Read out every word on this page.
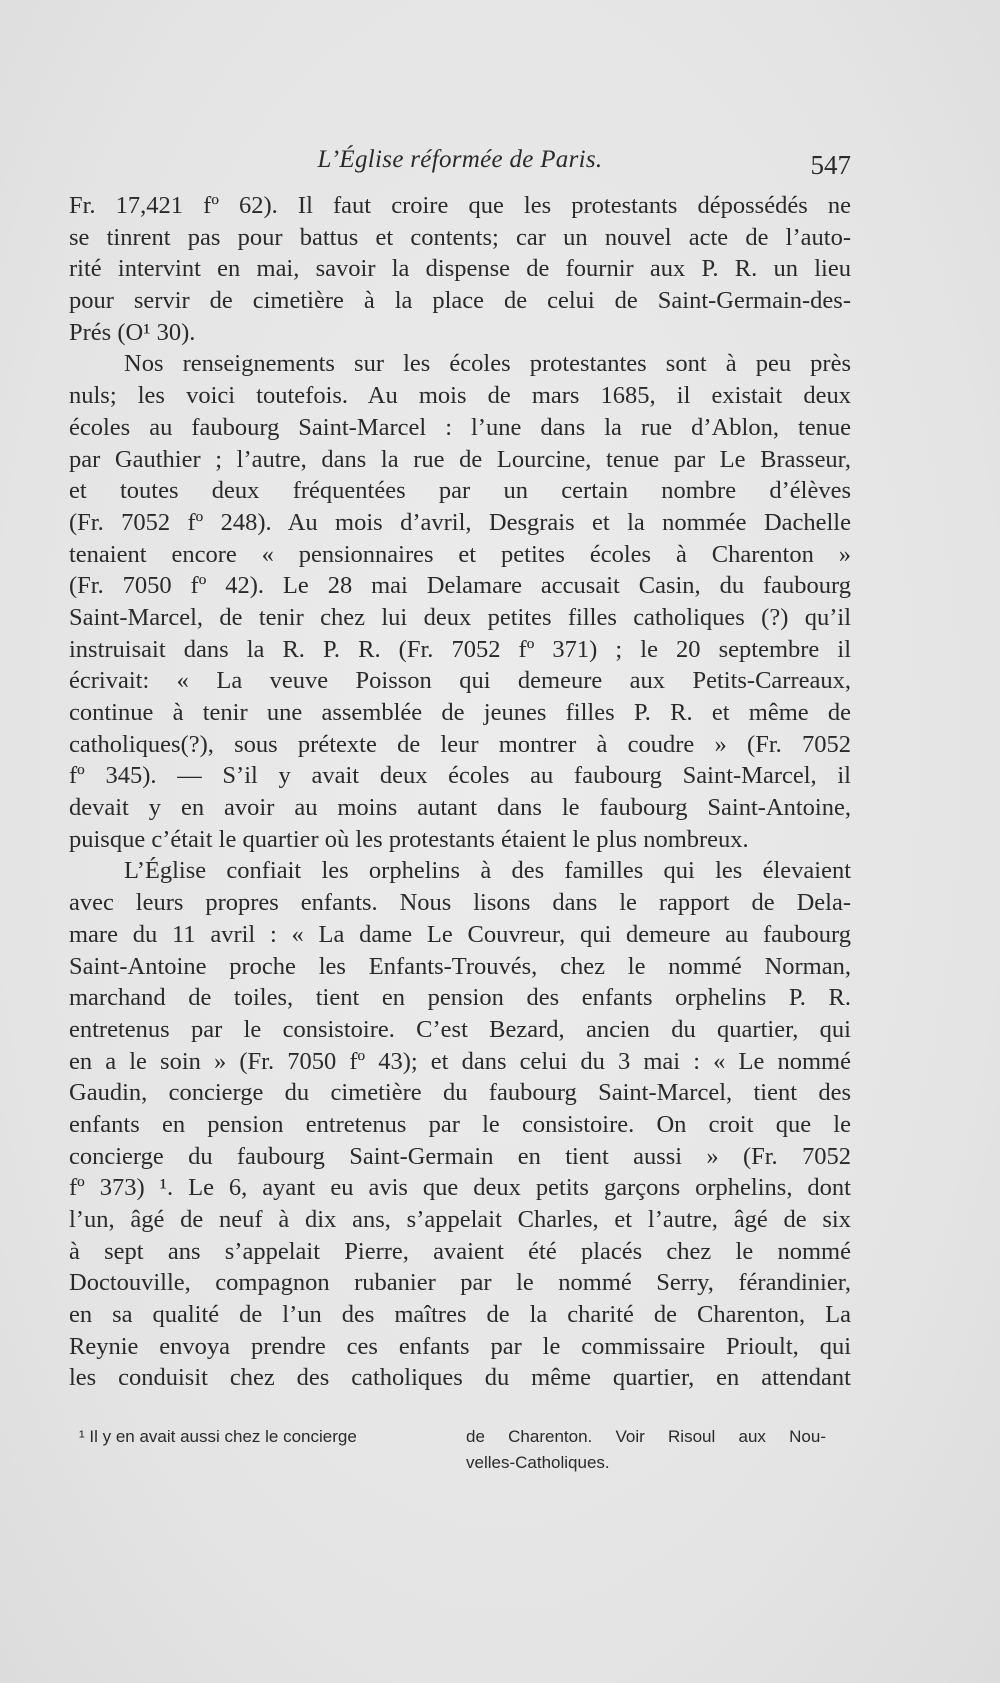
L’Église réformée de Paris.	547
Fr. 17,421 fº 62). Il faut croire que les protestants dépossédés ne
se tinrent pas pour battus et contents; car un nouvel acte de l’auto-
rité intervint en mai, savoir la dispense de fournir aux P. R. un lieu
pour servir de cimetière à la place de celui de Saint-Germain-des-
Prés (O¹ 30).
Nos renseignements sur les écoles protestantes sont à peu près
nuls; les voici toutefois. Au mois de mars 1685, il existait deux
écoles au faubourg Saint-Marcel : l’une dans la rue d’Ablon, tenue
par Gauthier ; l’autre, dans la rue de Lourcine, tenue par Le Brasseur,
et toutes deux fréquentées par un certain nombre d’élèves
(Fr. 7052 fº 248). Au mois d’avril, Desgrais et la nommée Dachelle
tenaient encore « pensionnaires et petites écoles à Charenton »
(Fr. 7050 fº 42). Le 28 mai Delamare accusait Casin, du faubourg
Saint-Marcel, de tenir chez lui deux petites filles catholiques (?) qu’il
instruisait dans la R. P. R. (Fr. 7052 fº 371) ; le 20 septembre il
écrivait: « La veuve Poisson qui demeure aux Petits-Carreaux,
continue à tenir une assemblée de jeunes filles P. R. et même de
catholiques(?), sous prétexte de leur montrer à coudre » (Fr. 7052
fº 345). — S’il y avait deux écoles au faubourg Saint-Marcel, il
devait y en avoir au moins autant dans le faubourg Saint-Antoine,
puisque c’était le quartier où les protestants étaient le plus nombreux.
L’Église confiait les orphelins à des familles qui les élevaient
avec leurs propres enfants. Nous lisons dans le rapport de Dela-
mare du 11 avril : « La dame Le Couvreur, qui demeure au faubourg
Saint-Antoine proche les Enfants-Trouvés, chez le nommé Norman,
marchand de toiles, tient en pension des enfants orphelins P. R.
entretenus par le consistoire. C’est Bezard, ancien du quartier, qui
en a le soin » (Fr. 7050 fº 43); et dans celui du 3 mai : « Le nommé
Gaudin, concierge du cimetière du faubourg Saint-Marcel, tient des
enfants en pension entretenus par le consistoire. On croit que le
concierge du faubourg Saint-Germain en tient aussi » (Fr. 7052
fº 373) ¹. Le 6, ayant eu avis que deux petits garçons orphelins, dont
l’un, âgé de neuf à dix ans, s’appelait Charles, et l’autre, âgé de six
à sept ans s’appelait Pierre, avaient été placés chez le nommé
Doctouville, compagnon rubanier par le nommé Serry, férandinier,
en sa qualité de l’un des maîtres de la charité de Charenton, La
Reynie envoya prendre ces enfants par le commissaire Prioult, qui
les conduisit chez des catholiques du même quartier, en attendant
¹ Il y en avait aussi chez le concierge	de Charenton. Voir Risoul aux Nou-
velles-Catholiques.
